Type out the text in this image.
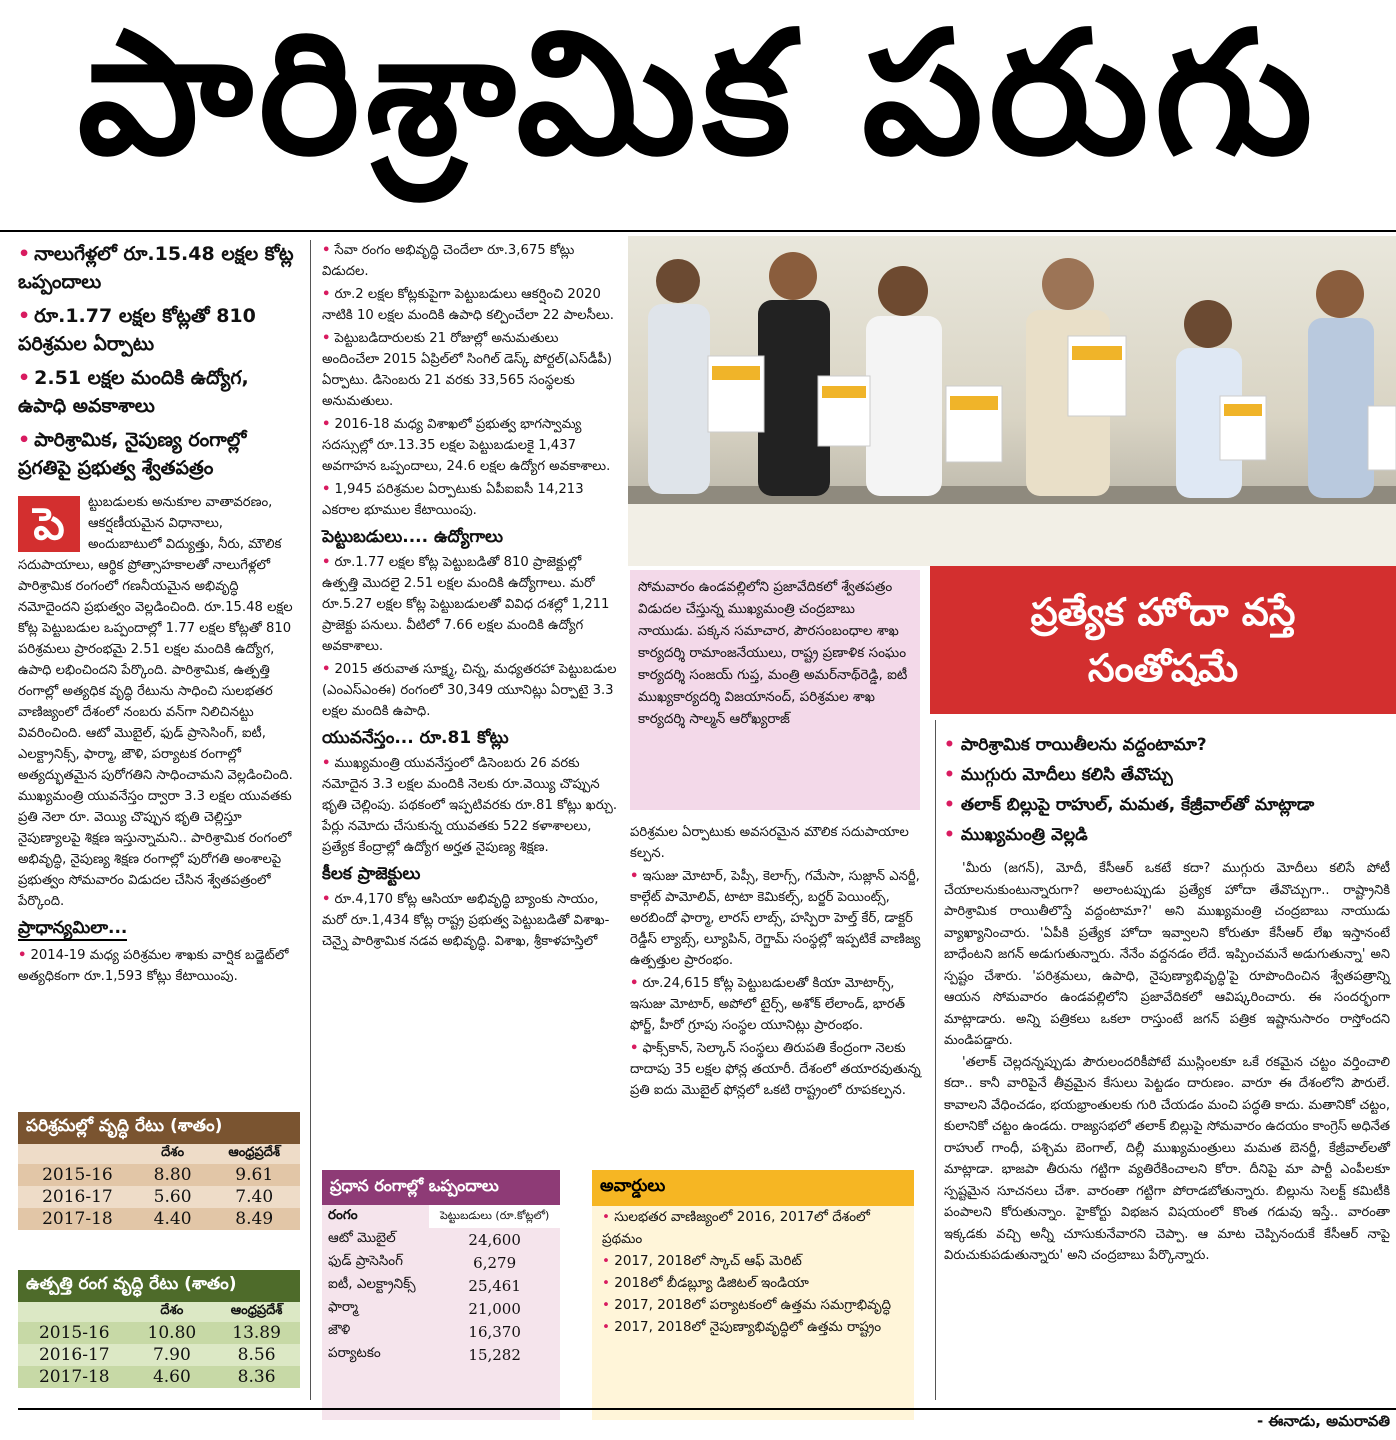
పారిశ్రామిక పరుగు
• నాలుగేళ్లలో రూ.15.48 లక్షల కోట్ల ఒప్పందాలు
• రూ.1.77 లక్షల కోట్లతో 810 పరిశ్రమల ఏర్పాటు
• 2.51 లక్షల మందికి ఉద్యోగ, ఉపాధి అవకాశాలు
• పారిశ్రామిక, నైపుణ్య రంగాల్లో ప్రగతిపై ప్రభుత్వ శ్వేతపత్రం
పె	ట్టుబడులకు అనుకూల వాతావరణం, ఆకర్షణీయమైన విధానాలు, అందుబాటులో విద్యుత్తు, నీరు, మౌలిక సదుపాయాలు, ఆర్థిక ప్రోత్సాహకాలతో నాలుగేళ్లలో పారిశ్రామిక రంగంలో గణనీయమైన అభివృద్ధి నమోదైందని ప్రభుత్వం వెల్లడించింది. రూ.15.48 లక్షల కోట్ల పెట్టుబడుల ఒప్పందాల్లో 1.77 లక్షల కోట్లతో 810 పరిశ్రమలు ప్రారంభమై 2.51 లక్షల మందికి ఉద్యోగ, ఉపాధి లభించిందని పేర్కొంది. పారిశ్రామిక, ఉత్పత్తి రంగాల్లో అత్యధిక వృద్ధి రేటును సాధించి సులభతర వాణిజ్యంలో దేశంలో నంబరు వన్‌గా నిలిచినట్టు వివరించింది. ఆటో మొబైల్, ఫుడ్ ప్రాసెసింగ్, ఐటీ, ఎలక్ట్రానిక్స్, ఫార్మా, జౌళి, పర్యాటక రంగాల్లో అత్యద్భుతమైన పురోగతిని సాధించామని వెల్లడించింది. ముఖ్యమంత్రి యువనేస్తం ద్వారా 3.3 లక్షల యువతకు ప్రతి నెలా రూ. వెయ్యి చొప్పున భృతి చెల్లిస్తూ నైపుణ్యాలపై శిక్షణ ఇస్తున్నామని.. పారిశ్రామిక రంగంలో అభివృద్ధి, నైపుణ్య శిక్షణ రంగాల్లో పురోగతి అంశాలపై ప్రభుత్వం సోమవారం విడుదల చేసిన శ్వేతపత్రంలో పేర్కొంది.
ప్రాధాన్యమిలా...
• 2014-19 మధ్య పరిశ్రమల శాఖకు వార్షిక బడ్జెట్‌లో అత్యధికంగా రూ.1,593 కోట్లు కేటాయింపు.
పరిశ్రమల్లో వృద్ధి రేటు (శాతం)
	దేశం	ఆంధ్రప్రదేశ్
2015-16	8.80	9.61
2016-17	5.60	7.40
2017-18	4.40	8.49
ఉత్పత్తి రంగ వృద్ధి రేటు (శాతం)
	దేశం	ఆంధ్రప్రదేశ్
2015-16	10.80	13.89
2016-17	7.90	8.56
2017-18	4.60	8.36
• సేవా రంగం అభివృద్ధి చెందేలా రూ.3,675 కోట్లు విడుదల.
• రూ.2 లక్షల కోట్లకుపైగా పెట్టుబడులు ఆకర్షించి 2020 నాటికి 10 లక్షల మందికి ఉపాధి కల్పించేలా 22 పాలసీలు.
• పెట్టుబడిదారులకు 21 రోజుల్లో అనుమతులు అందించేలా 2015 ఏప్రిల్‌లో సింగిల్ డెస్క్ పోర్టల్(ఎస్‌డీపీ) ఏర్పాటు. డిసెంబరు 21 వరకు 33,565 సంస్థలకు అనుమతులు.
• 2016-18 మధ్య విశాఖలో ప్రభుత్వ భాగస్వామ్య సదస్సుల్లో రూ.13.35 లక్షల పెట్టుబడులకై 1,437 అవగాహన ఒప్పందాలు, 24.6 లక్షల ఉద్యోగ అవకాశాలు.
• 1,945 పరిశ్రమల ఏర్పాటుకు ఏపీఐఐసీ 14,213 ఎకరాల భూముల కేటాయింపు.
పెట్టుబడులు.... ఉద్యోగాలు
• రూ.1.77 లక్షల కోట్ల పెట్టుబడితో 810 ప్రాజెక్టుల్లో ఉత్పత్తి మొదలై 2.51 లక్షల మందికి ఉద్యోగాలు. మరో రూ.5.27 లక్షల కోట్ల పెట్టుబడులతో వివిధ దశల్లో 1,211 ప్రాజెక్టు పనులు. వీటిలో 7.66 లక్షల మందికి ఉద్యోగ అవకాశాలు.
• 2015 తరువాత సూక్ష్మ, చిన్న, మధ్యతరహా పెట్టుబడుల (ఎంఎస్ఎంఈ) రంగంలో 30,349 యూనిట్లు ఏర్పాటై 3.3 లక్షల మందికి ఉపాధి.
యువనేస్తం... రూ.81 కోట్లు
• ముఖ్యమంత్రి యువనేస్తంలో డిసెంబరు 26 వరకు నమోదైన 3.3 లక్షల మందికి నెలకు రూ.వెయ్యి చొప్పున భృతి చెల్లింపు. పథకంలో ఇప్పటివరకు రూ.81 కోట్లు ఖర్చు. పేర్లు నమోదు చేసుకున్న యువతకు 522 కళాశాలలు, ప్రత్యేక కేంద్రాల్లో ఉద్యోగ అర్హత నైపుణ్య శిక్షణ.
కీలక ప్రాజెక్టులు
• రూ.4,170 కోట్ల ఆసియా అభివృద్ధి బ్యాంకు సాయం, మరో రూ.1,434 కోట్ల రాష్ట్ర ప్రభుత్వ పెట్టుబడితో విశాఖ-చెన్నై పారిశ్రామిక నడవ అభివృద్ధి. విశాఖ, శ్రీకాళహస్తిలో
సోమవారం ఉండవల్లిలోని ప్రజావేదికలో శ్వేతపత్రం విడుదల చేస్తున్న ముఖ్యమంత్రి చంద్రబాబు నాయుడు. పక్కన సమాచార, పౌరసంబంధాల శాఖ కార్యదర్శి రామాంజనేయులు, రాష్ట్ర ప్రణాళిక సంఘం కార్యదర్శి సంజయ్ గుప్త, మంత్రి అమర్‌నాథ్‌రెడ్డి, ఐటీ ముఖ్యకార్యదర్శి విజయానంద్, పరిశ్రమల శాఖ కార్యదర్శి సాల్మన్ ఆరోఖ్యరాజ్
ప్రత్యేక హోదా వస్తే
సంతోషమే
• పారిశ్రామిక రాయితీలను వద్దంటామా?
• ముగ్గురు మోదీలు కలిసి తేవొచ్చు
• తలాక్ బిల్లుపై రాహుల్, మమత, కేజ్రీవాల్‌తో మాట్లాడా
• ముఖ్యమంత్రి వెల్లడి

'మీరు (జగన్), మోదీ, కేసీఆర్ ఒకటే కదా? ముగ్గురు మోదీలు కలిసే పోటీ చేయాలనుకుంటున్నారుగా? అలాంటప్పుడు ప్రత్యేక హోదా తేవొచ్చుగా.. రాష్ట్రానికి పారిశ్రామిక రాయితీలొస్తే వద్దంటామా?' అని ముఖ్యమంత్రి చంద్రబాబు నాయుడు వ్యాఖ్యానించారు. 'ఏపీకి ప్రత్యేక హోదా ఇవ్వాలని కోరుతూ కేసీఆర్ లేఖ ఇస్తానంటే బాధేంటని జగన్ అడుగుతున్నారు. నేనేం వద్దనడం లేదే. ఇప్పించమనే అడుగుతున్నా' అని స్పష్టం చేశారు. 'పరిశ్రమలు, ఉపాధి, నైపుణ్యాభివృద్ధి'పై రూపొందించిన శ్వేతపత్రాన్ని ఆయన సోమవారం ఉండవల్లిలోని ప్రజావేదికలో ఆవిష్కరించారు. ఈ సందర్భంగా మాట్లాడారు. అన్ని పత్రికలు ఒకలా రాస్తుంటే జగన్ పత్రిక ఇష్టానుసారం రాస్తోందని మండిపడ్డారు.

'తలాక్ చెల్లదన్నప్పుడు పౌరులందరికీపోటే ముస్లింలకూ ఒకే రకమైన చట్టం వర్తించాలి కదా.. కానీ వారిపైనే తీవ్రమైన కేసులు పెట్టడం దారుణం. వారూ ఈ దేశంలోని పౌరులే. కావాలని వేధించడం, భయభ్రాంతులకు గురి చేయడం మంచి పద్ధతి కాదు. మతానికో చట్టం, కులానికో చట్టం ఉండదు. రాజ్యసభలో తలాక్ బిల్లుపై సోమవారం ఉదయం కాంగ్రెస్ అధినేత రాహుల్ గాంధీ, పశ్చిమ బెంగాల్, దిల్లీ ముఖ్యమంత్రులు మమత బెనర్జీ, కేజ్రీవాల్‌లతో మాట్లాడా. భాజపా తీరును గట్టిగా వ్యతిరేకించాలని కోరా. దీనిపై మా పార్టీ ఎంపీలకూ స్పష్టమైన సూచనలు చేశా. వారంతా గట్టిగా పోరాడబోతున్నారు. బిల్లును సెలక్ట్ కమిటీకి పంపాలని కోరుతున్నాం. హైకోర్టు విభజన విషయంలో కొంత గడువు ఇస్తే.. వారంతా ఇక్కడకు వచ్చి అన్నీ చూసుకునేవారని చెప్పా. ఆ మాట చెప్పినందుకే కేసీఆర్ నాపై విరుచుకుపడుతున్నారు' అని చంద్రబాబు పేర్కొన్నారు.

పరిశ్రమల ఏర్పాటుకు అవసరమైన మౌలిక సదుపాయాల కల్పన.
• ఇసుజు మోటార్, పెప్సీ, కెలాగ్స్, గమేసా, సుజ్లాన్ ఎనర్జీ, కాల్గేట్ పామోలివ్, టాటా కెమికల్స్, బర్జర్ పెయింట్స్, అరబిందో ఫార్మా, లారస్ లాబ్స్, హస్పిరా హెల్త్ కేర్, డాక్టర్ రెడ్డీస్ ల్యాబ్స్, ల్యూపిన్, రెగ్జామ్ సంస్థల్లో ఇప్పటికే వాణిజ్య ఉత్పత్తుల ప్రారంభం.
• రూ.24,615 కోట్ల పెట్టుబడులతో కియా మోటార్స్, ఇసుజు మోటార్, అపోలో టైర్స్, అశోక్ లేలాండ్, భారత్ ఫోర్జ్, హీరో గ్రూపు సంస్థల యూనిట్లు ప్రారంభం.
• ఫాక్స్‌కాన్, సెల్కాన్ సంస్థలు తిరుపతి కేంద్రంగా నెలకు దాదాపు 35 లక్షల ఫోన్ల తయారీ. దేశంలో తయారవుతున్న ప్రతి ఐదు మొబైల్ ఫోన్లలో ఒకటి రాష్ట్రంలో రూపకల్పన.
ప్రధాన రంగాల్లో ఒప్పందాలు
రంగం	పెట్టుబడులు (రూ.కోట్లలో)
ఆటో మొబైల్	24,600
ఫుడ్ ప్రాసెసింగ్	6,279
ఐటీ, ఎలక్ట్రానిక్స్	25,461
ఫార్మా	21,000
జౌళి	16,370
పర్యాటకం	15,282
అవార్డులు
• సులభతర వాణిజ్యంలో 2016, 2017లో దేశంలో ప్రథమం
• 2017, 2018లో స్కాచ్ ఆఫ్ మెరిట్
• 2018లో బీడబ్ల్యూ డిజిటల్ ఇండియా
• 2017, 2018లో పర్యాటకంలో ఉత్తమ సమగ్రాభివృద్ధి
• 2017, 2018లో నైపుణ్యాభివృద్ధిలో ఉత్తమ రాష్ట్రం
- ఈనాడు, అమరావతి
